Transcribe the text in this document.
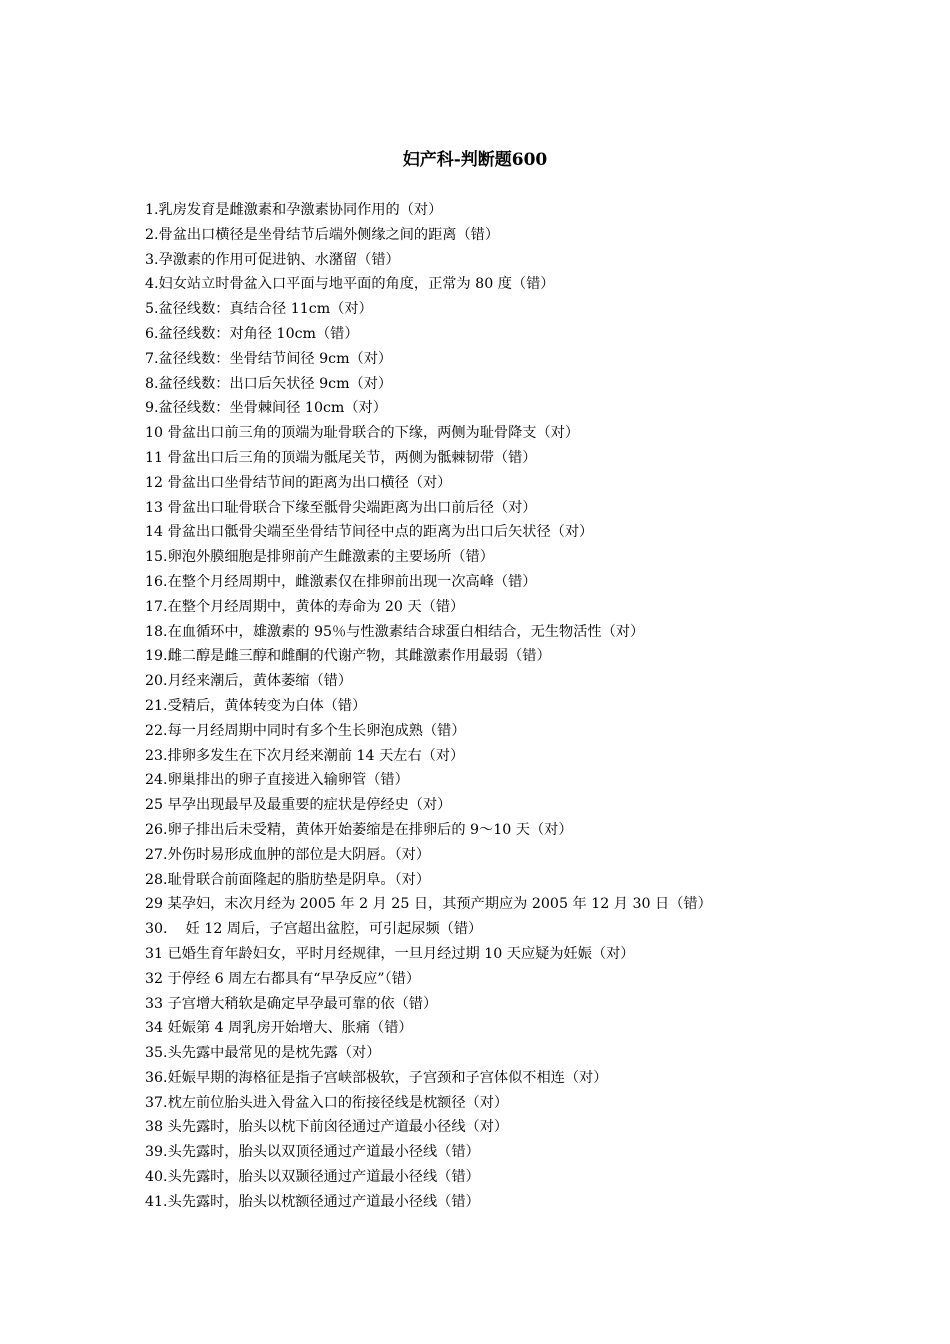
妇产科-判断题600
1.乳房发育是雌激素和孕激素协同作用的（对）
2.骨盆出口横径是坐骨结节后端外侧缘之间的距离（错）
3.孕激素的作用可促进钠、水潴留（错）
4.妇女站立时骨盆入口平面与地平面的角度，正常为 80 度（错）
5.盆径线数：真结合径 11cm（对）
6.盆径线数：对角径 10cm（错）
7.盆径线数：坐骨结节间径 9cm（对）
8.盆径线数：出口后矢状径 9cm（对）
9.盆径线数：坐骨棘间径 10cm（对）
10 骨盆出口前三角的顶端为耻骨联合的下缘，两侧为耻骨降支（对）
11 骨盆出口后三角的顶端为骶尾关节，两侧为骶棘韧带（错）
12 骨盆出口坐骨结节间的距离为出口横径（对）
13 骨盆出口耻骨联合下缘至骶骨尖端距离为出口前后径（对）
14 骨盆出口骶骨尖端至坐骨结节间径中点的距离为出口后矢状径（对）
15.卵泡外膜细胞是排卵前产生雌激素的主要场所（错）
16.在整个月经周期中，雌激素仅在排卵前出现一次高峰（错）
17.在整个月经周期中，黄体的寿命为 20 天（错）
18.在血循环中，雄激素的 95％与性激素结合球蛋白相结合，无生物活性（对）
19.雌二醇是雌三醇和雌酮的代谢产物，其雌激素作用最弱（错）
20.月经来潮后，黄体萎缩（错）
21.受精后，黄体转变为白体（错）
22.每一月经周期中同时有多个生长卵泡成熟（错）
23.排卵多发生在下次月经来潮前 14 天左右（对）
24.卵巢排出的卵子直接进入输卵管（错）
25 早孕出现最早及最重要的症状是停经史（对）
26.卵子排出后未受精，黄体开始萎缩是在排卵后的 9～10 天（对）
27.外伤时易形成血肿的部位是大阴唇。（对）
28.耻骨联合前面隆起的脂肪垫是阴阜。（对）
29 某孕妇，末次月经为 2005 年 2 月 25 日，其预产期应为 2005 年 12 月 30 日（错）
30.    妊 12 周后，子宫超出盆腔，可引起尿频（错）
31 已婚生育年龄妇女，平时月经规律，一旦月经过期 10 天应疑为妊娠（对）
32 于停经 6 周左右都具有“早孕反应”（错）
33 子宫增大稍软是确定早孕最可靠的依（错）
34 妊娠第 4 周乳房开始增大、胀痛（错）
35.头先露中最常见的是枕先露（对）
36.妊娠早期的海格征是指子宫峡部极软，子宫颈和子宫体似不相连（对）
37.枕左前位胎头进入骨盆入口的衔接径线是枕额径（对）
38 头先露时，胎头以枕下前囟径通过产道最小径线（对）
39.头先露时，胎头以双顶径通过产道最小径线（错）
40.头先露时，胎头以双颞径通过产道最小径线（错）
41.头先露时，胎头以枕额径通过产道最小径线（错）
